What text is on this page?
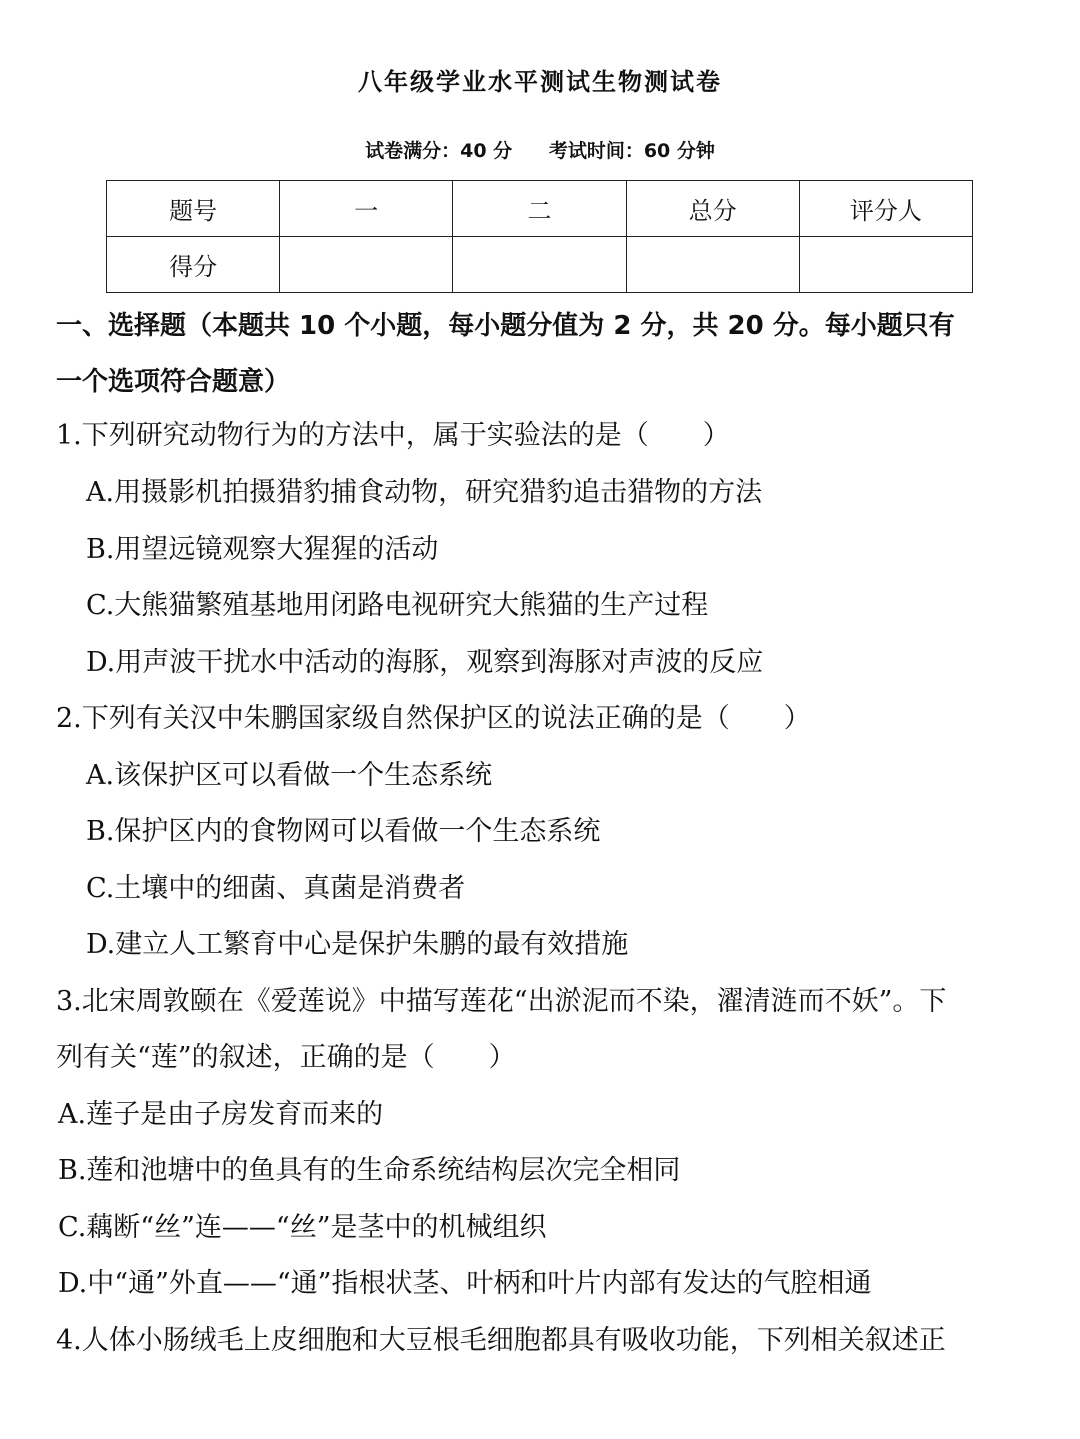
八年级学业水平测试生物测试卷
试卷满分：40 分 考试时间：60 分钟
题号	一	二	总分	评分人
得分				
一、选择题（本题共 10 个小题，每小题分值为 2 分，共 20 分。每小题只有
一个选项符合题意）
1.下列研究动物行为的方法中，属于实验法的是（　　）
A.用摄影机拍摄猎豹捕食动物，研究猎豹追击猎物的方法
B.用望远镜观察大猩猩的活动
C.大熊猫繁殖基地用闭路电视研究大熊猫的生产过程
D.用声波干扰水中活动的海豚，观察到海豚对声波的反应
2.下列有关汉中朱鹏国家级自然保护区的说法正确的是（　　）
A.该保护区可以看做一个生态系统
B.保护区内的食物网可以看做一个生态系统
C.土壤中的细菌、真菌是消费者
D.建立人工繁育中心是保护朱鹏的最有效措施
3.北宋周敦颐在《爱莲说》中描写莲花“出淤泥而不染，濯清涟而不妖”。下
列有关“莲”的叙述，正确的是（　　）
A.莲子是由子房发育而来的
B.莲和池塘中的鱼具有的生命系统结构层次完全相同
C.藕断“丝”连——“丝”是茎中的机械组织
D.中“通”外直——“通”指根状茎、叶柄和叶片内部有发达的气腔相通
4.人体小肠绒毛上皮细胞和大豆根毛细胞都具有吸收功能，下列相关叙述正
